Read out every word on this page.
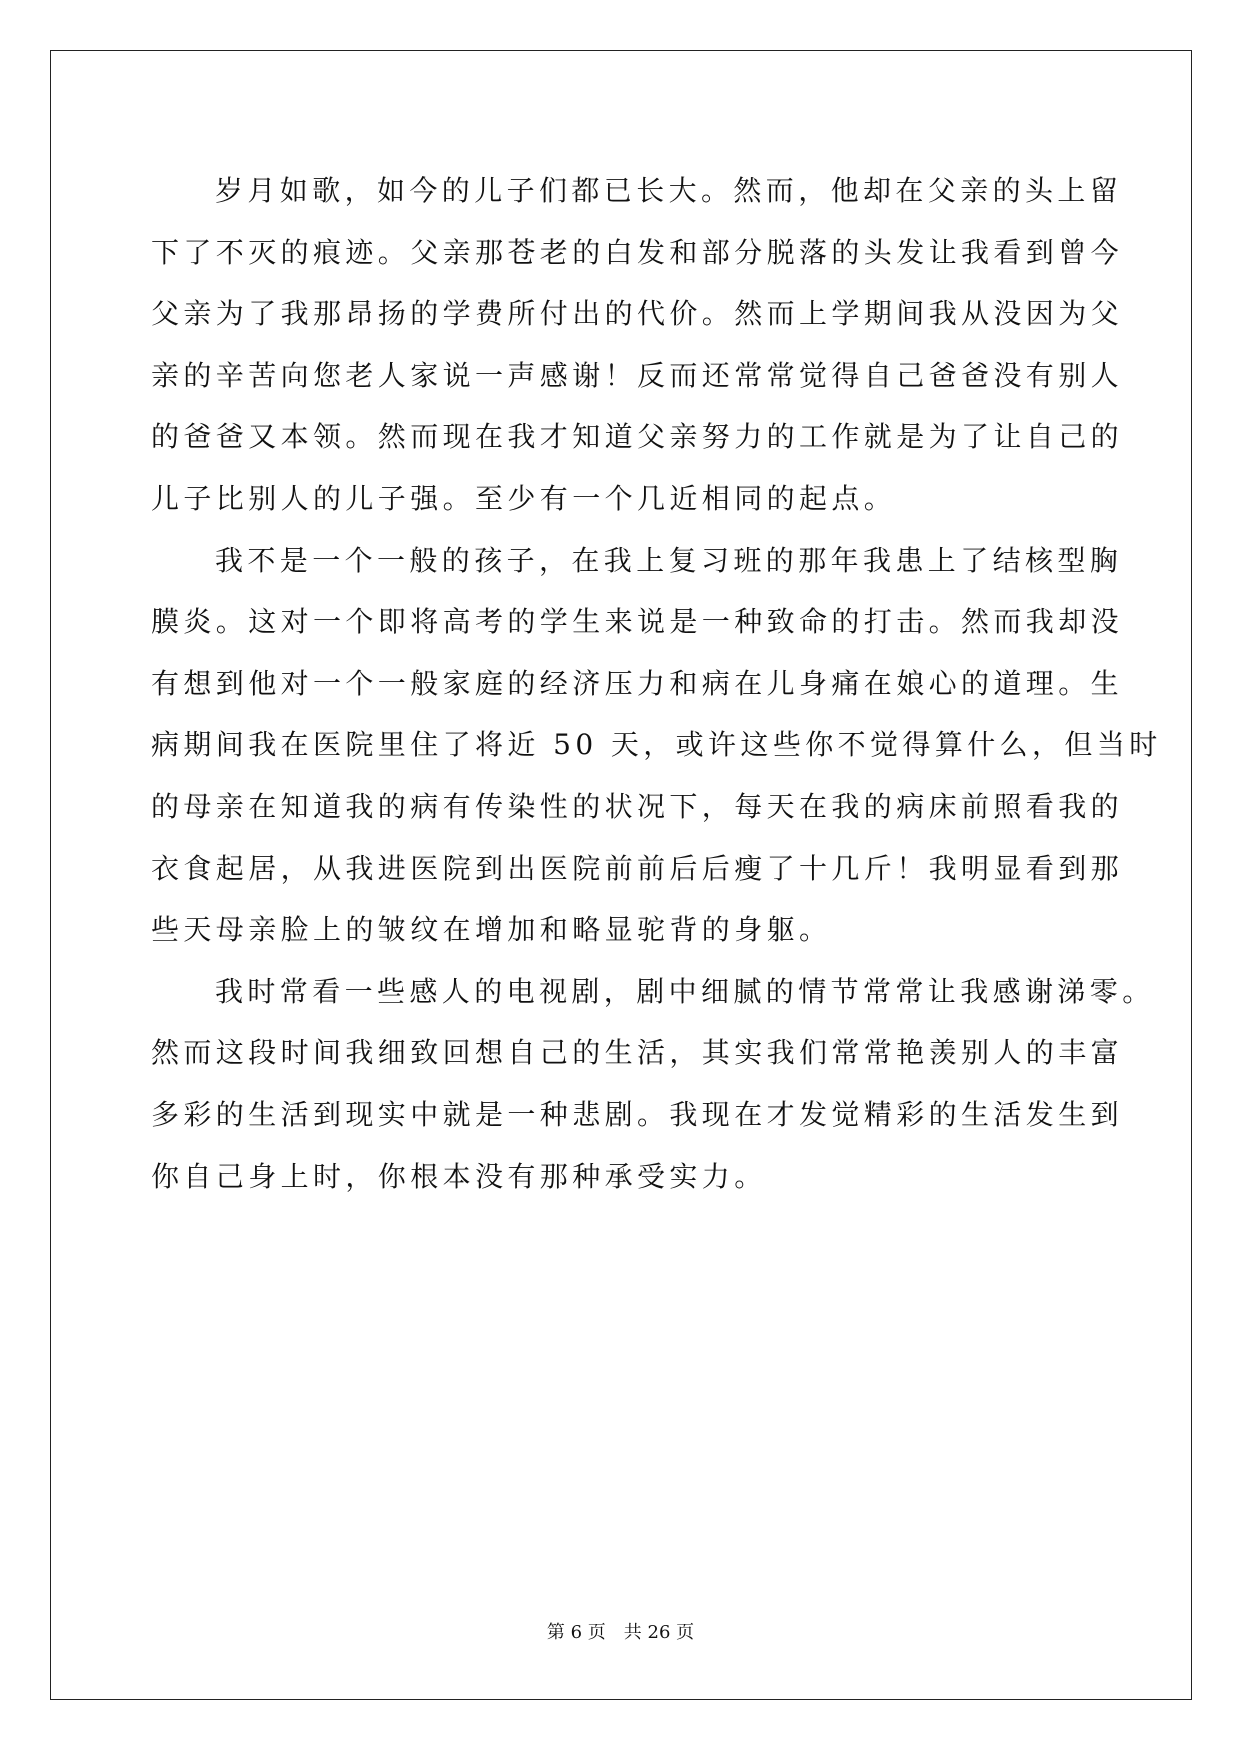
岁月如歌，如今的儿子们都已长大。然而，他却在父亲的头上留
下了不灭的痕迹。父亲那苍老的白发和部分脱落的头发让我看到曾今
父亲为了我那昂扬的学费所付出的代价。然而上学期间我从没因为父
亲的辛苦向您老人家说一声感谢！反而还常常觉得自己爸爸没有别人
的爸爸又本领。然而现在我才知道父亲努力的工作就是为了让自己的
儿子比别人的儿子强。至少有一个几近相同的起点。
我不是一个一般的孩子，在我上复习班的那年我患上了结核型胸
膜炎。这对一个即将高考的学生来说是一种致命的打击。然而我却没
有想到他对一个一般家庭的经济压力和病在儿身痛在娘心的道理。生
病期间我在医院里住了将近 50 天，或许这些你不觉得算什么，但当时
的母亲在知道我的病有传染性的状况下，每天在我的病床前照看我的
衣食起居，从我进医院到出医院前前后后瘦了十几斤！我明显看到那
些天母亲脸上的皱纹在增加和略显驼背的身躯。
我时常看一些感人的电视剧，剧中细腻的情节常常让我感谢涕零。
然而这段时间我细致回想自己的生活，其实我们常常艳羡别人的丰富
多彩的生活到现实中就是一种悲剧。我现在才发觉精彩的生活发生到
你自己身上时，你根本没有那种承受实力。
第 6 页 共 26 页
